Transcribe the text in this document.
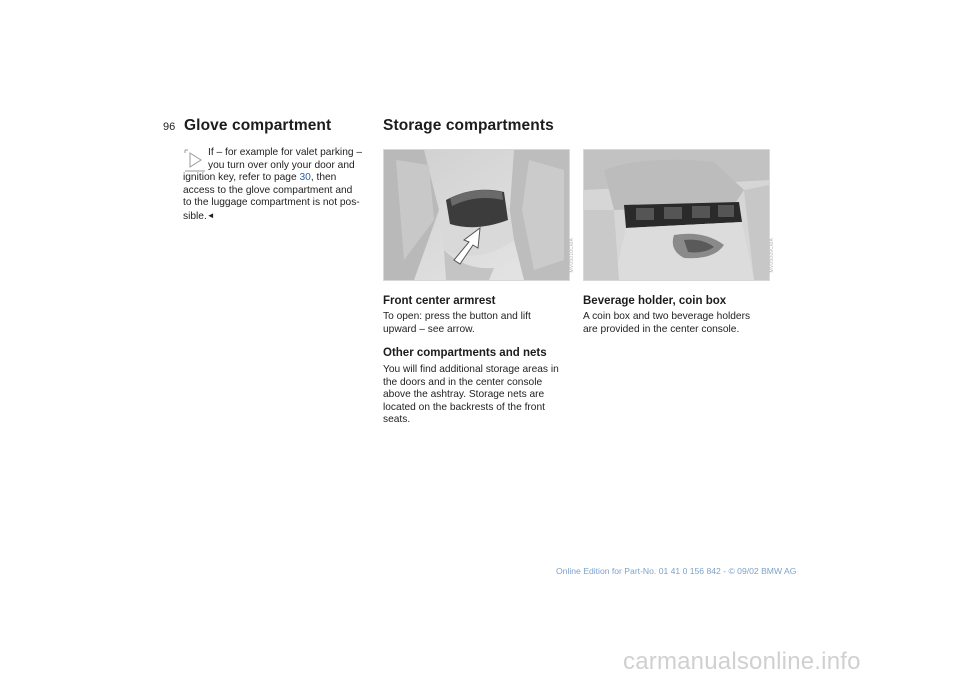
96 Glove compartment

If – for example for valet parking –

you turn over only your door and

ignition key, refer to page 30, then

access to the glove compartment and

to the luggage compartment is not pos-

sible.◄

Storage compartments
MV05010CMA	MV05009CMA
Front center armrest

To open: press the button and lift

upward – see arrow.

Other compartments and nets

You will find additional storage areas in

the doors and in the center console

above the ashtray. Storage nets are

located on the backrests of the front

seats.

Beverage holder, coin box

A coin box and two beverage holders

are provided in the center console.

Online Edition for Part-No. 01 41 0 156 842 - © 09/02 BMW AG
carmanualsonline.info
